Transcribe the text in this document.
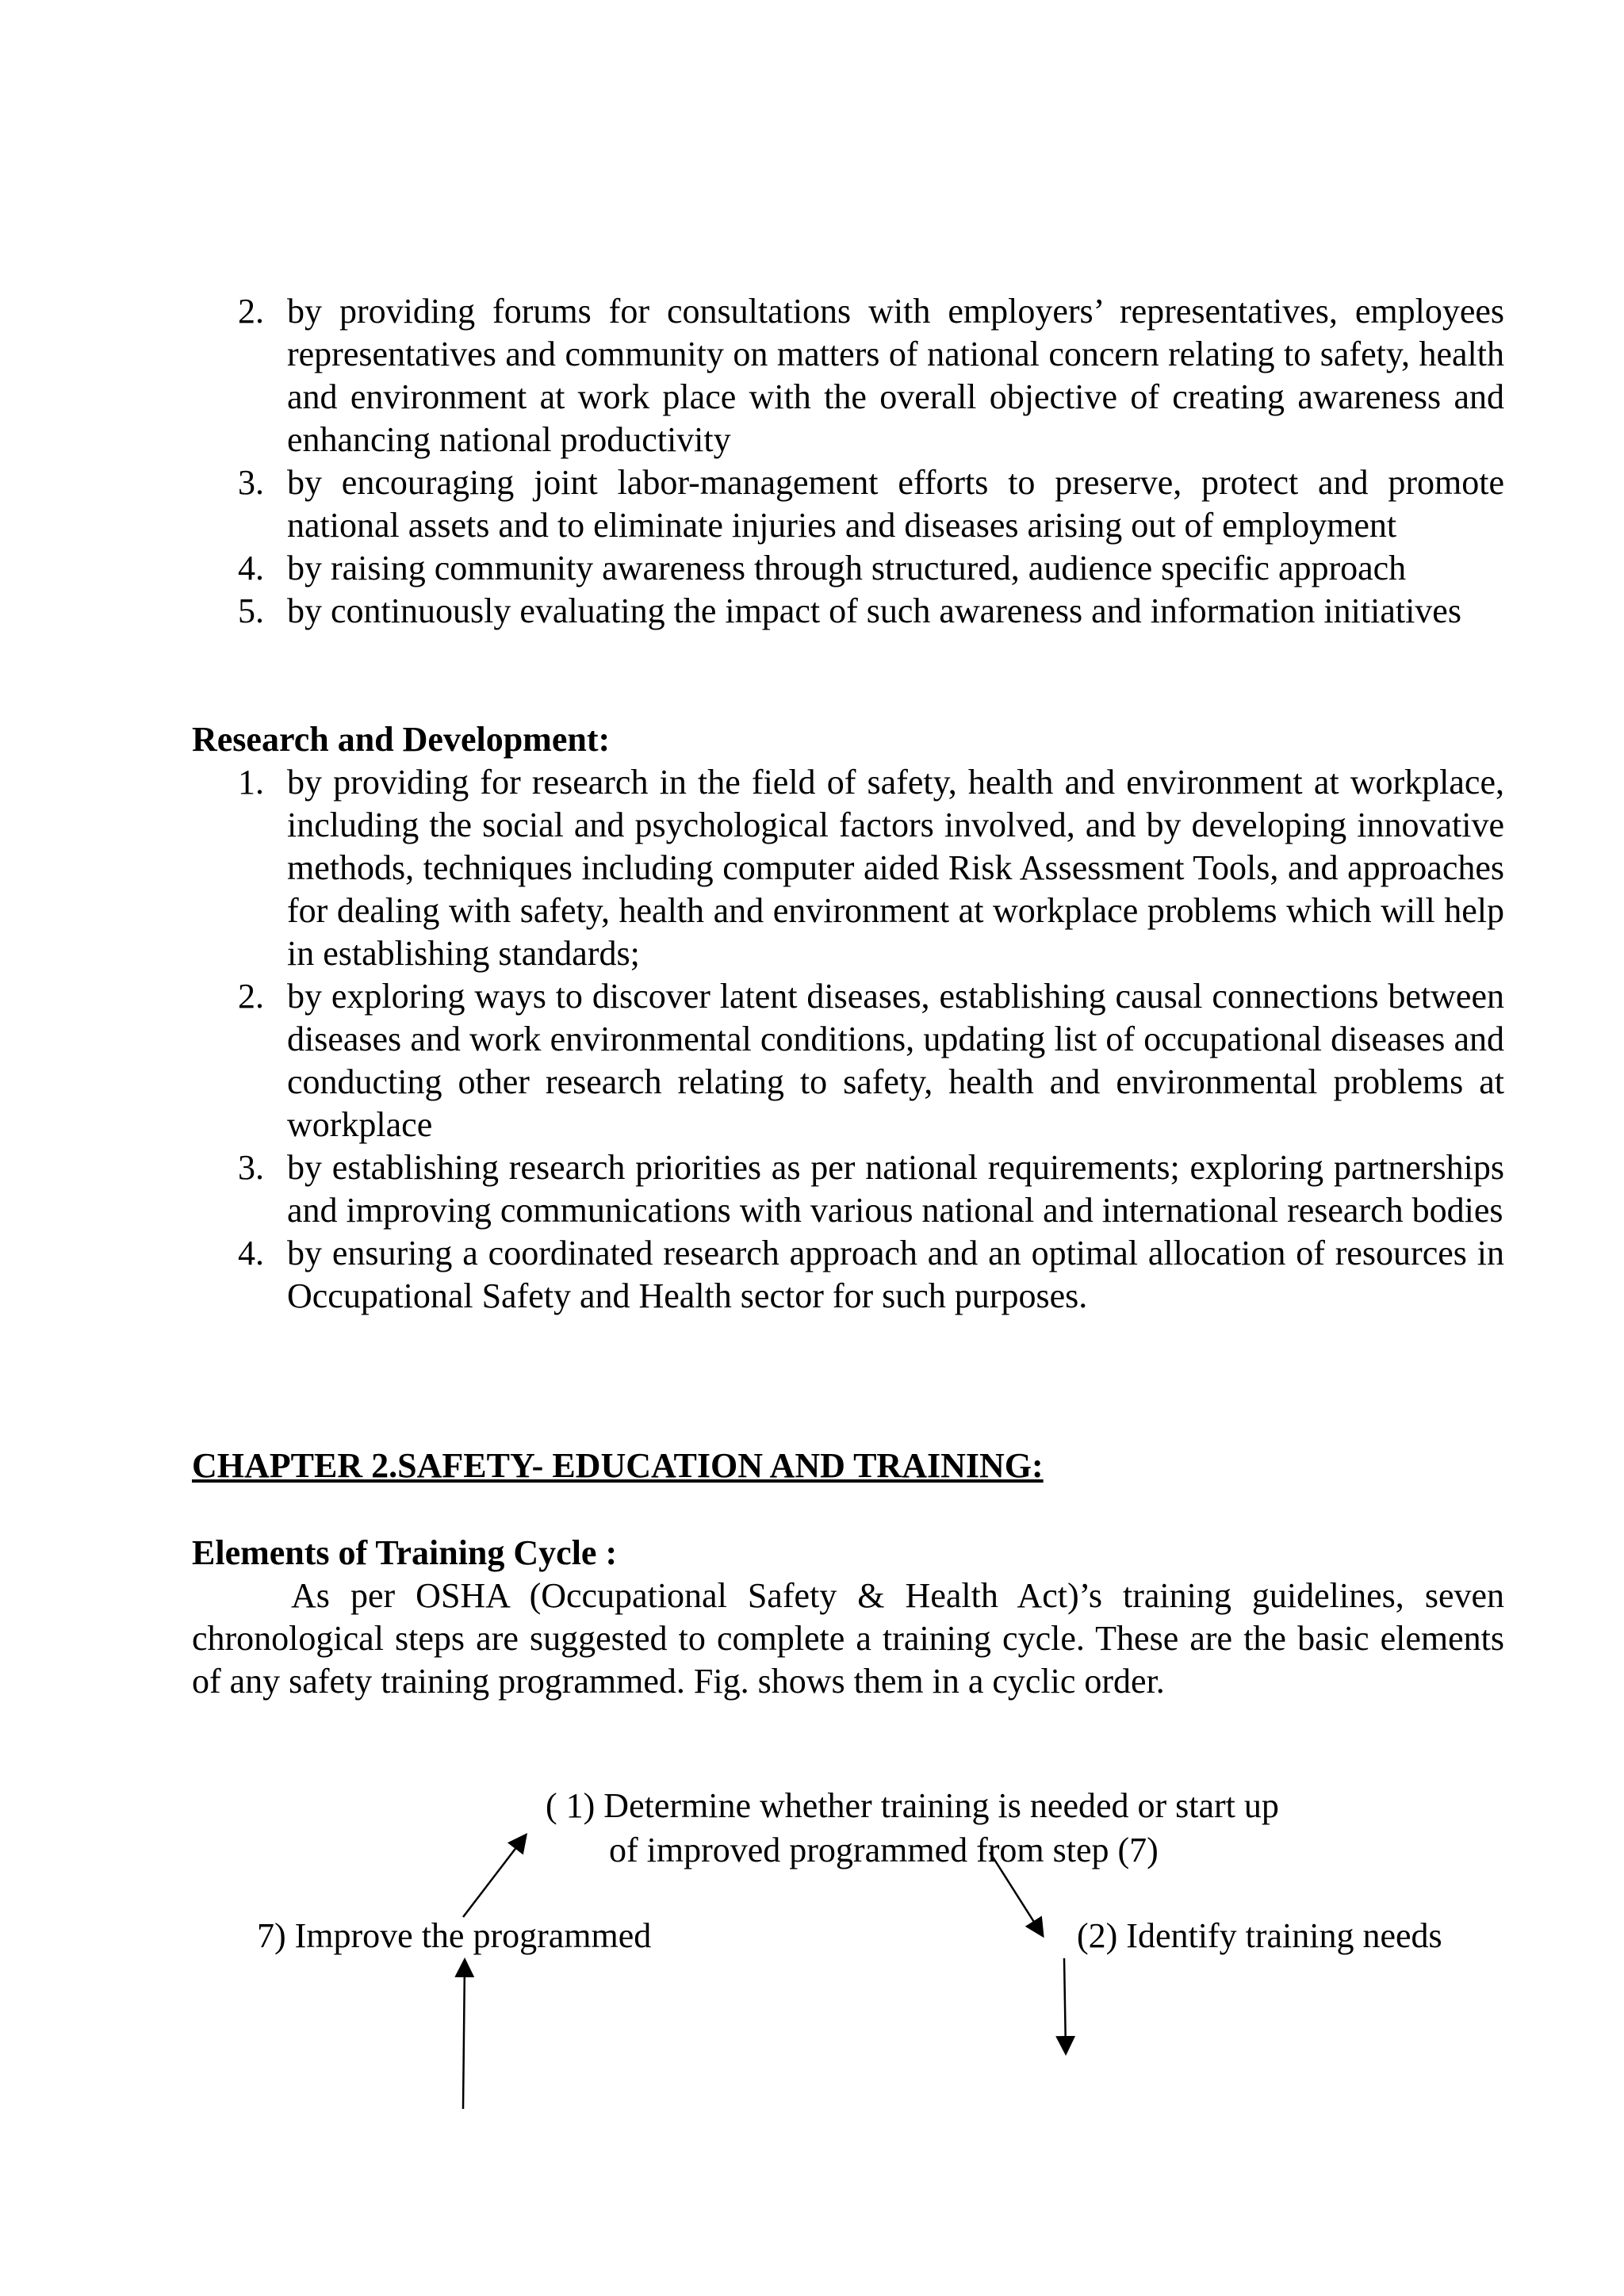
2. by providing forums for consultations with employers’ representatives, employees representatives and community on matters of national concern relating to safety, health and environment at work place with the overall objective of creating awareness and enhancing national productivity
3. by encouraging joint labor-management efforts to preserve, protect and promote national assets and to eliminate injuries and diseases arising out of employment
4. by raising community awareness through structured, audience specific approach
5. by continuously evaluating the impact of such awareness and information initiatives
Research and Development:
1. by providing for research in the field of safety, health and environment at workplace, including the social and psychological factors involved, and by developing innovative methods, techniques including computer aided Risk Assessment Tools, and approaches for dealing with safety, health and environment at workplace problems which will help in establishing standards;
2. by exploring ways to discover latent diseases, establishing causal connections between diseases and work environmental conditions, updating list of occupational diseases and conducting other research relating to safety, health and environmental problems at workplace
3. by establishing research priorities as per national requirements; exploring partnerships and improving communications with various national and international research bodies
4. by ensuring a coordinated research approach and an optimal allocation of resources in Occupational Safety and Health sector for such purposes.
CHAPTER 2.SAFETY- EDUCATION AND TRAINING:
Elements of Training Cycle :

As per OSHA (Occupational Safety & Health Act)’s training guidelines, seven chronological steps are suggested to complete a training cycle. These are the basic elements of any safety training programmed. Fig. shows them in a cyclic order.

( 1) Determine whether training is needed or start up

of improved programmed from step (7)

7) Improve the programmed	(2) Identify training needs
